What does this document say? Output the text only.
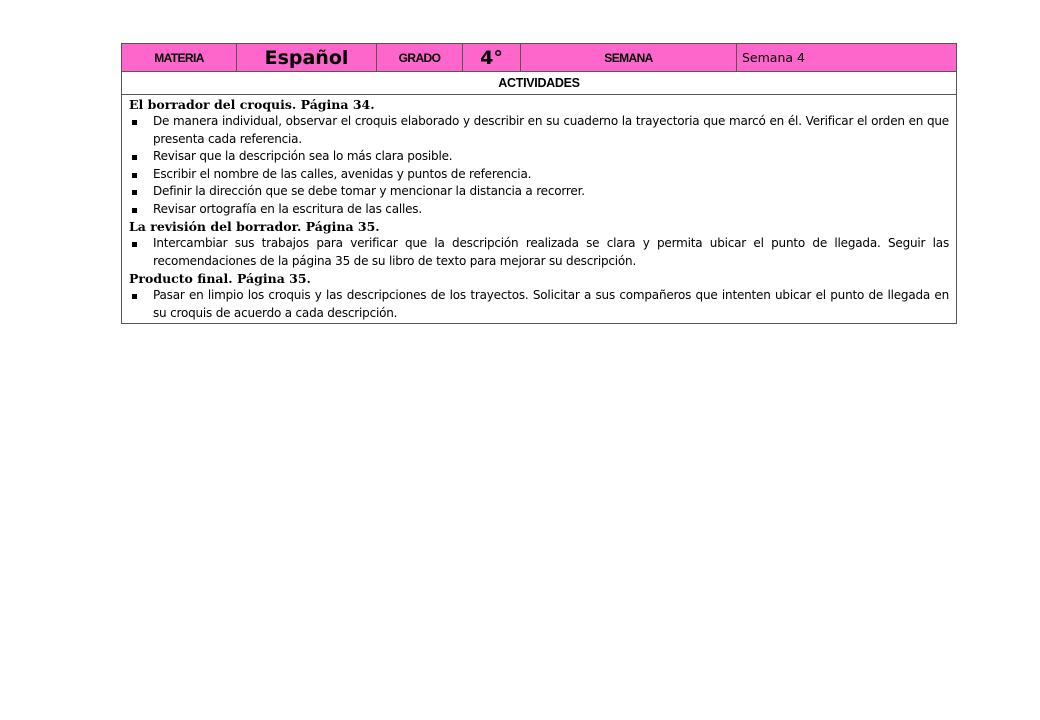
MATERIA	Español	GRADO	4°	SEMANA	Semana 4
ACTIVIDADES

El borrador del croquis. Página 34.
De manera individual, observar el croquis elaborado y describir en su cuaderno la trayectoria que marcó en él. Verificar el orden en que presenta cada referencia.
Revisar que la descripción sea lo más clara posible.
Escribir el nombre de las calles, avenidas y puntos de referencia.
Definir la dirección que se debe tomar y mencionar la distancia a recorrer.
Revisar ortografía en la escritura de las calles.
La revisión del borrador. Página 35.
Intercambiar sus trabajos para verificar que la descripción realizada se clara y permita ubicar el punto de llegada. Seguir las recomendaciones de la página 35 de su libro de texto para mejorar su descripción.
Producto final. Página 35.
Pasar en limpio los croquis y las descripciones de los trayectos. Solicitar a sus compañeros que intenten ubicar el punto de llegada en su croquis de acuerdo a cada descripción.
